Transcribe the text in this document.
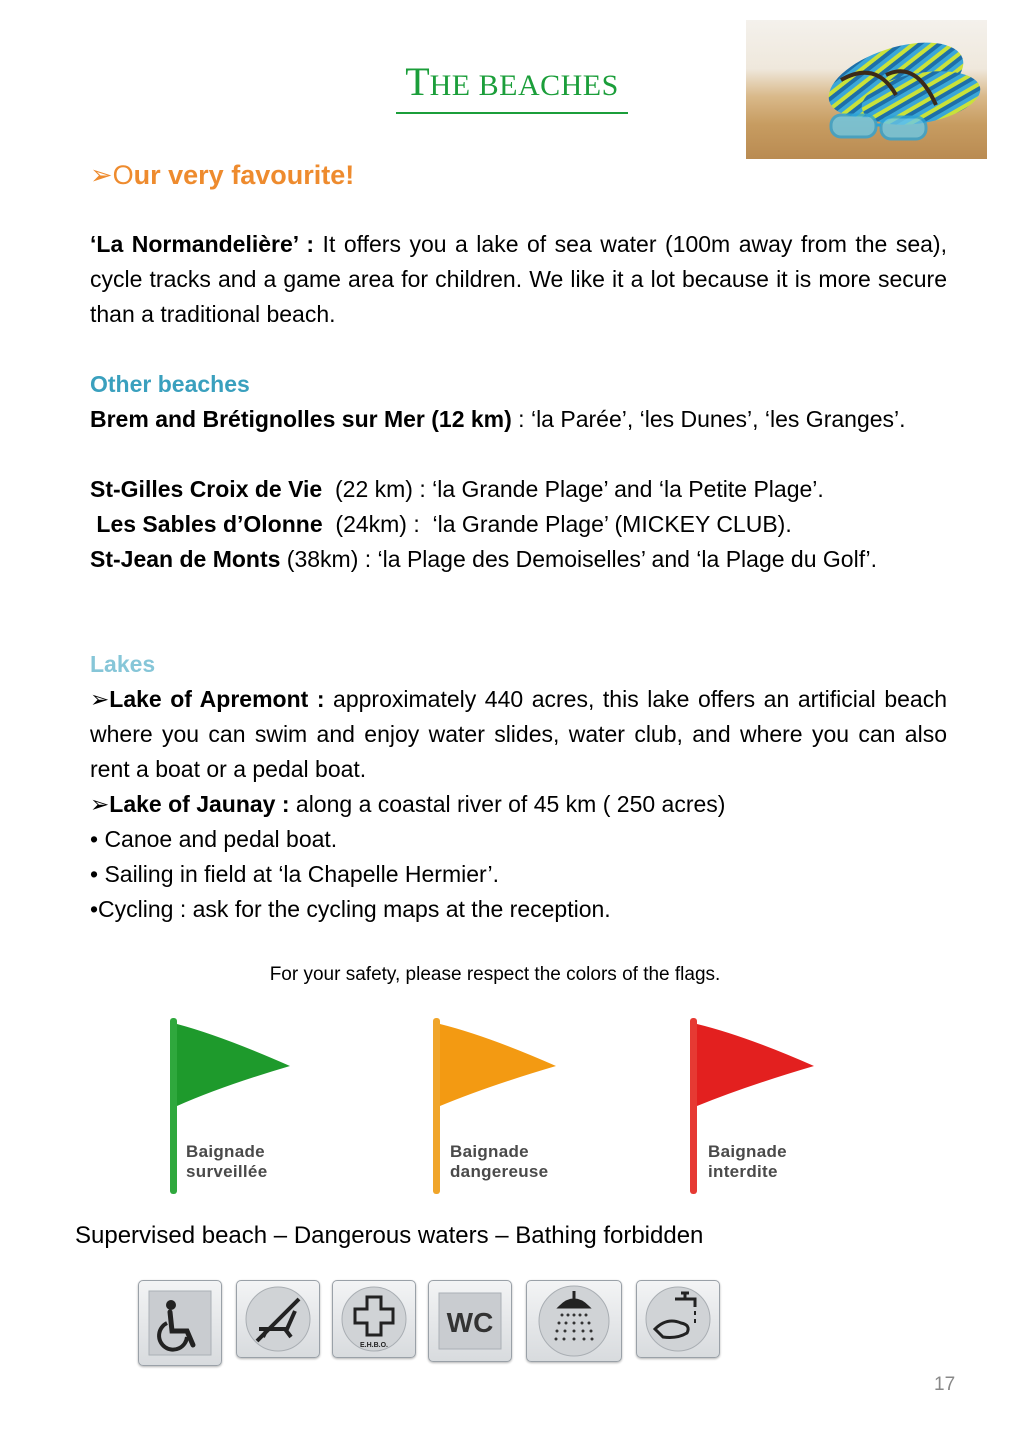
THE BEACHES
➢Our very favourite!
‘La Normandelière’ : It offers you a lake of sea water (100m away from the sea), cycle tracks and a game area for children. We like it a lot because it is more secure than a traditional beach.
Other beaches
Brem and Brétignolles sur Mer (12 km) : ‘la Parée’, ‘les Dunes’, ‘les Granges’.
St-Gilles Croix de Vie  (22 km) : ‘la Grande Plage’ and ‘la Petite Plage’.
Les Sables d’Olonne  (24km) :  ‘la Grande Plage’ (MICKEY CLUB).
St-Jean de Monts (38km) : ‘la Plage des Demoiselles’ and ‘la Plage du Golf’.
Lakes
➢Lake of Apremont : approximately 440 acres, this lake offers an artificial beach where you can swim and enjoy water slides, water club, and where you can also rent a boat or a pedal boat.
➢Lake of Jaunay : along a coastal river of 45 km ( 250 acres)
• Canoe and pedal boat.
• Sailing in field at ‘la Chapelle Hermier’.
•Cycling : ask for the cycling maps at the reception.
For your safety, please respect the colors of the flags.
Baignade
surveillée
Baignade
dangereuse
Baignade
interdite
Supervised beach – Dangerous waters – Bathing forbidden
E.H.B.O.
WC
17
